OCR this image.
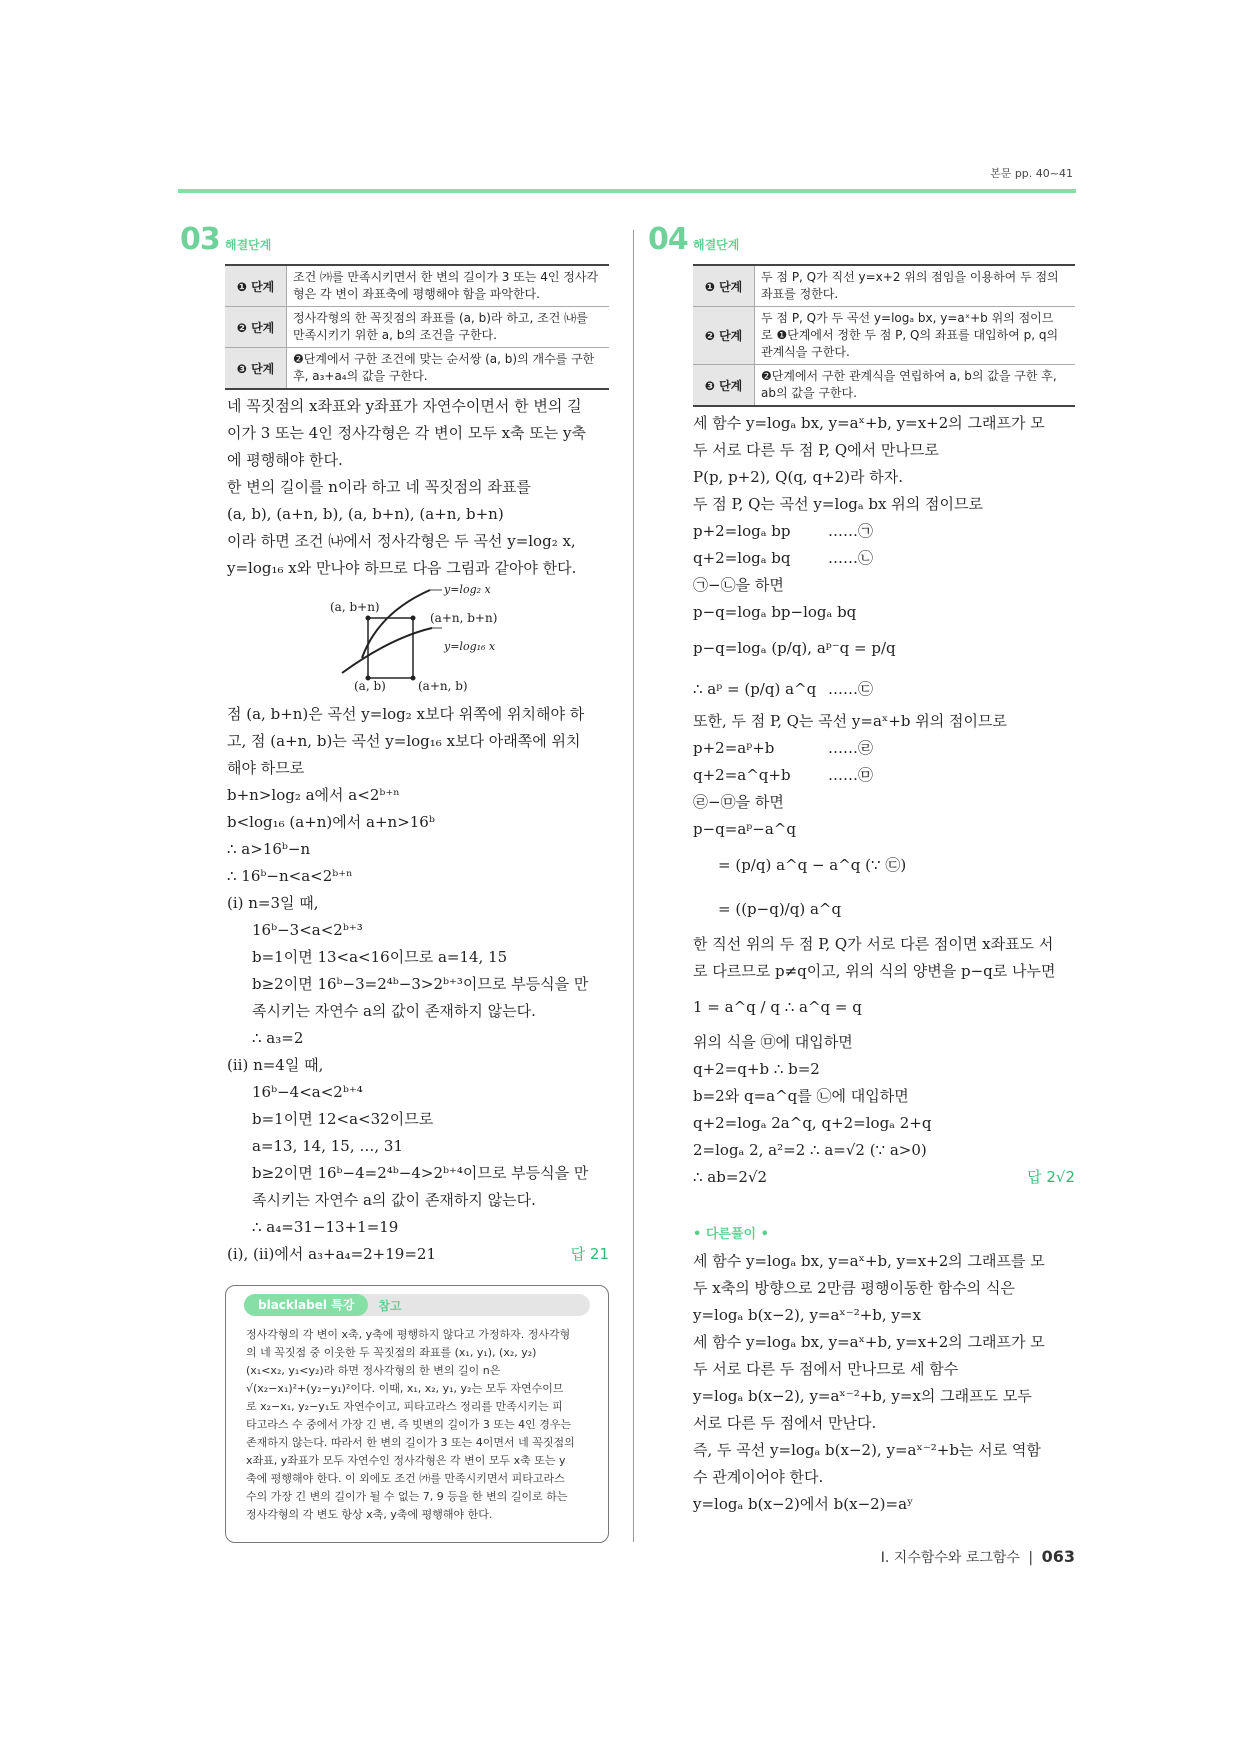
본문 pp. 40~41
03 해결단계
❶ 단계
조건 ㈎를 만족시키면서 한 변의 길이가 3 또는 4인 정사각
형은 각 변이 좌표축에 평행해야 함을 파악한다.
❷ 단계
정사각형의 한 꼭짓점의 좌표를 (a, b)라 하고, 조건 ㈏를
만족시키기 위한 a, b의 조건을 구한다.
❸ 단계
❷단계에서 구한 조건에 맞는 순서쌍 (a, b)의 개수를 구한
후, a₃+a₄의 값을 구한다.
네 꼭짓점의 x좌표와 y좌표가 자연수이면서 한 변의 길
이가 3 또는 4인 정사각형은 각 변이 모두 x축 또는 y축
에 평행해야 한다.
한 변의 길이를 n이라 하고 네 꼭짓점의 좌표를
(a, b), (a+n, b), (a, b+n), (a+n, b+n)
이라 하면 조건 ㈏에서 정사각형은 두 곡선 y=log₂ x,
y=log₁₆ x와 만나야 하므로 다음 그림과 같아야 한다.
y=log₂ x
y=log₁₆ x
(a, b+n)
(a+n, b+n)
(a, b)	(a+n, b)
점 (a, b+n)은 곡선 y=log₂ x보다 위쪽에 위치해야 하
고, 점 (a+n, b)는 곡선 y=log₁₆ x보다 아래쪽에 위치
해야 하므로
b+n>log₂ a에서 a<2ᵇ⁺ⁿ
b<log₁₆ (a+n)에서 a+n>16ᵇ
∴ a>16ᵇ−n
∴ 16ᵇ−n<a<2ᵇ⁺ⁿ
(ⅰ) n=3일 때,
16ᵇ−3<a<2ᵇ⁺³
b=1이면 13<a<16이므로 a=14, 15
b≥2이면 16ᵇ−3=2⁴ᵇ−3>2ᵇ⁺³이므로 부등식을 만
족시키는 자연수 a의 값이 존재하지 않는다.
∴ a₃=2
(ⅱ) n=4일 때,
16ᵇ−4<a<2ᵇ⁺⁴
b=1이면 12<a<32이므로
a=13, 14, 15, …, 31
b≥2이면 16ᵇ−4=2⁴ᵇ−4>2ᵇ⁺⁴이므로 부등식을 만
족시키는 자연수 a의 값이 존재하지 않는다.
∴ a₄=31−13+1=19
(ⅰ), (ⅱ)에서 a₃+a₄=2+19=21	답 21
blacklabel 특강	참고
정사각형의 각 변이 x축, y축에 평행하지 않다고 가정하자. 정사각형
의 네 꼭짓점 중 이웃한 두 꼭짓점의 좌표를 (x₁, y₁), (x₂, y₂)
(x₁<x₂, y₁<y₂)라 하면 정사각형의 한 변의 길이 n은
√(x₂−x₁)²+(y₂−y₁)²이다. 이때, x₁, x₂, y₁, y₂는 모두 자연수이므
로 x₂−x₁, y₂−y₁도 자연수이고, 피타고라스 정리를 만족시키는 피
타고라스 수 중에서 가장 긴 변, 즉 빗변의 길이가 3 또는 4인 경우는
존재하지 않는다. 따라서 한 변의 길이가 3 또는 4이면서 네 꼭짓점의
x좌표, y좌표가 모두 자연수인 정사각형은 각 변이 모두 x축 또는 y
축에 평행해야 한다. 이 외에도 조건 ㈎를 만족시키면서 피타고라스
수의 가장 긴 변의 길이가 될 수 없는 7, 9 등을 한 변의 길이로 하는
정사각형의 각 변도 항상 x축, y축에 평행해야 한다.
04 해결단계
❶ 단계
두 점 P, Q가 직선 y=x+2 위의 점임을 이용하여 두 점의
좌표를 정한다.
❷ 단계
두 점 P, Q가 두 곡선 y=logₐ bx, y=aˣ+b 위의 점이므
로 ❶단계에서 정한 두 점 P, Q의 좌표를 대입하여 p, q의
관계식을 구한다.
❸ 단계
❷단계에서 구한 관계식을 연립하여 a, b의 값을 구한 후,
ab의 값을 구한다.
세 함수 y=logₐ bx, y=aˣ+b, y=x+2의 그래프가 모
두 서로 다른 두 점 P, Q에서 만나므로
P(p, p+2), Q(q, q+2)라 하자.
두 점 P, Q는 곡선 y=logₐ bx 위의 점이므로
p+2=logₐ bp	……㉠
q+2=logₐ bq	……㉡
㉠−㉡을 하면
p−q=logₐ bp−logₐ bq
p−q=logₐ (p/q), aᵖ⁻q = p/q
∴ aᵖ = (p/q) a^q ……㉢
또한, 두 점 P, Q는 곡선 y=aˣ+b 위의 점이므로
p+2=aᵖ+b	……㉣
q+2=a^q+b ……㉤
㉣−㉤을 하면
p−q=aᵖ−a^q
= (p/q) a^q − a^q (∵ ㉢)
= ((p−q)/q) a^q
한 직선 위의 두 점 P, Q가 서로 다른 점이면 x좌표도 서
로 다르므로 p≠q이고, 위의 식의 양변을 p−q로 나누면
1 = a^q / q ∴ a^q = q
위의 식을 ㉤에 대입하면
q+2=q+b ∴ b=2
b=2와 q=a^q를 ㉡에 대입하면
q+2=logₐ 2a^q, q+2=logₐ 2+q
2=logₐ 2, a²=2 ∴ a=√2 (∵ a>0)
∴ ab=2√2	답 2√2
• 다른풀이 •
세 함수 y=logₐ bx, y=aˣ+b, y=x+2의 그래프를 모
두 x축의 방향으로 2만큼 평행이동한 함수의 식은
y=logₐ b(x−2), y=aˣ⁻²+b, y=x
세 함수 y=logₐ bx, y=aˣ+b, y=x+2의 그래프가 모
두 서로 다른 두 점에서 만나므로 세 함수
y=logₐ b(x−2), y=aˣ⁻²+b, y=x의 그래프도 모두
서로 다른 두 점에서 만난다.
즉, 두 곡선 y=logₐ b(x−2), y=aˣ⁻²+b는 서로 역함
수 관계이어야 한다.
y=logₐ b(x−2)에서 b(x−2)=aʸ
Ⅰ. 지수함수와 로그함수 | 063
